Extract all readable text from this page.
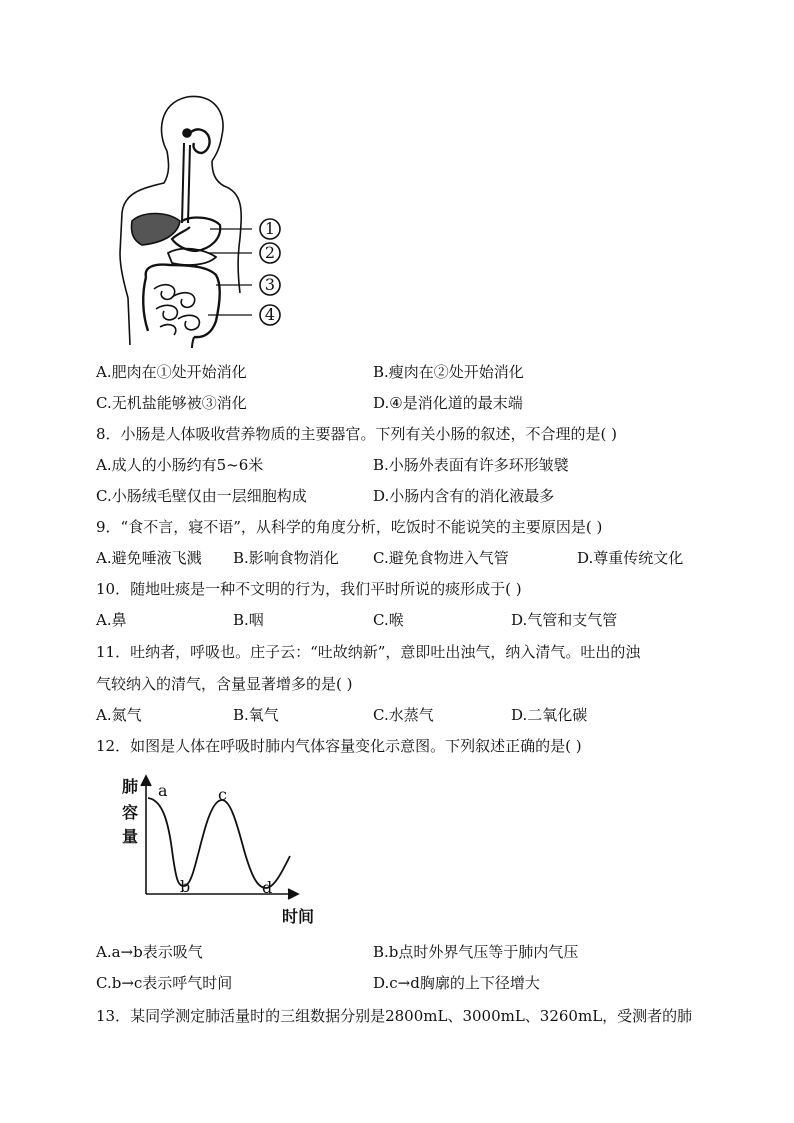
1
2
3
4
A.肥肉在①处开始消化	B.瘦肉在②处开始消化
C.无机盐能够被③消化	D.④是消化道的最末端
8．小肠是人体吸收营养物质的主要器官。下列有关小肠的叙述，不合理的是( )
A.成人的小肠约有5~6米	B.小肠外表面有许多环形皱襞
C.小肠绒毛壁仅由一层细胞构成	D.小肠内含有的消化液最多
9．“食不言，寝不语”，从科学的角度分析，吃饭时不能说笑的主要原因是( )
A.避免唾液飞溅 B.影响食物消化 C.避免食物进入气管	D.尊重传统文化
10．随地吐痰是一种不文明的行为，我们平时所说的痰形成于( )
A.鼻	B.咽	C.喉	D.气管和支气管
11．吐纳者，呼吸也。庄子云：“吐故纳新”，意即吐出浊气，纳入清气。吐出的浊
气较纳入的清气，含量显著增多的是( )
A.氮气	B.氧气	C.水蒸气	D.二氧化碳
12．如图是人体在呼吸时肺内气体容量变化示意图。下列叙述正确的是( )
肺
容
量
时间
a
b
c
d
A.a→b表示吸气	B.b点时外界气压等于肺内气压
C.b→c表示呼气时间	D.c→d胸廓的上下径增大
13．某同学测定肺活量时的三组数据分别是2800mL、3000mL、3260mL，受测者的肺
